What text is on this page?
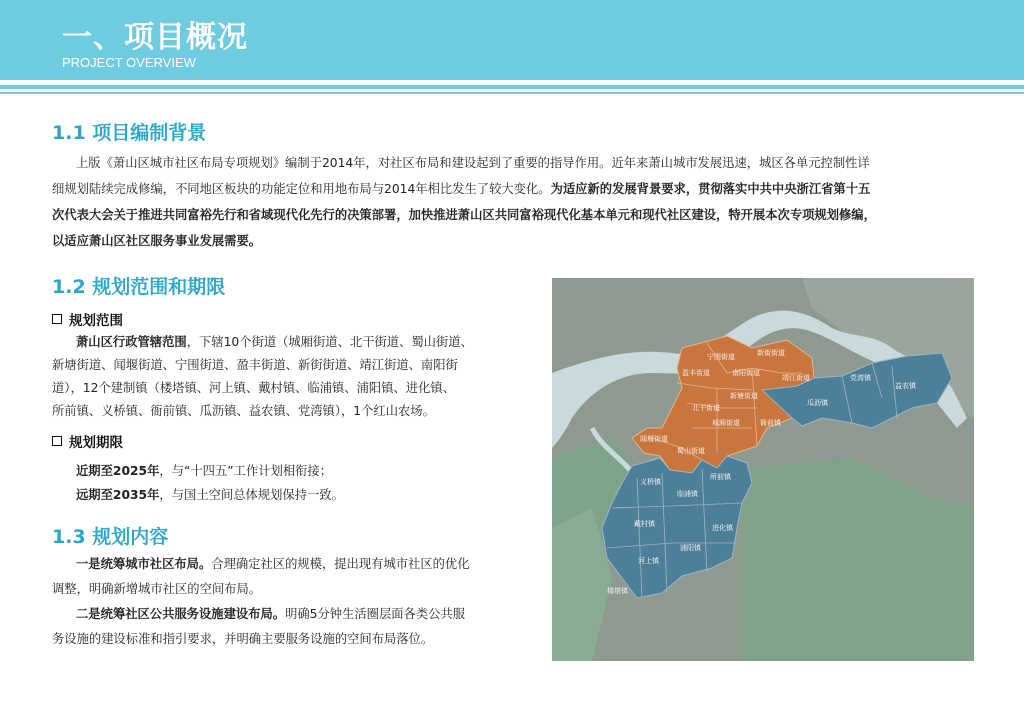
一、项目概况
PROJECT OVERVIEW
1.1 项目编制背景
上版《萧山区城市社区布局专项规划》编制于2014年，对社区布局和建设起到了重要的指导作用。近年来萧山城市发展迅速，城区各单元控制性详
细规划陆续完成修编，不同地区板块的功能定位和用地布局与2014年相比发生了较大变化。为适应新的发展背景要求，贯彻落实中共中央浙江省第十五
次代表大会关于推进共同富裕先行和省域现代化先行的决策部署，加快推进萧山区共同富裕现代化基本单元和现代社区建设，特开展本次专项规划修编，
以适应萧山区社区服务事业发展需要。
1.2 规划范围和期限
规划范围
萧山区行政管辖范围，下辖10个街道（城厢街道、北干街道、蜀山街道、
新塘街道、闻堰街道、宁围街道、盈丰街道、新街街道、靖江街道、南阳街
道），12个建制镇（楼塔镇、河上镇、戴村镇、临浦镇、浦阳镇、进化镇、
所前镇、义桥镇、衙前镇、瓜沥镇、益农镇、党湾镇），1个红山农场。
规划期限
近期至2025年，与“十四五”工作计划相衔接；
远期至2035年，与国土空间总体规划保持一致。
1.3 规划内容
一是统筹城市社区布局。合理确定社区的规模，提出现有城市社区的优化
调整，明确新增城市社区的空间布局。
二是统筹社区公共服务设施建设布局。明确5分钟生活圈层面各类公共服
务设施的建设标准和指引要求，并明确主要服务设施的空间布局落位。
宁围街道	新街街道
南阳街道
盈丰街道
北干街道
靖江街道
城厢街道
新塘街道
闻堰街道
蜀山街道
党湾镇
益农镇
瓜沥镇
衙前镇
义桥镇
所前镇
临浦镇
戴村镇	进化镇
浦阳镇
河上镇
楼塔镇
